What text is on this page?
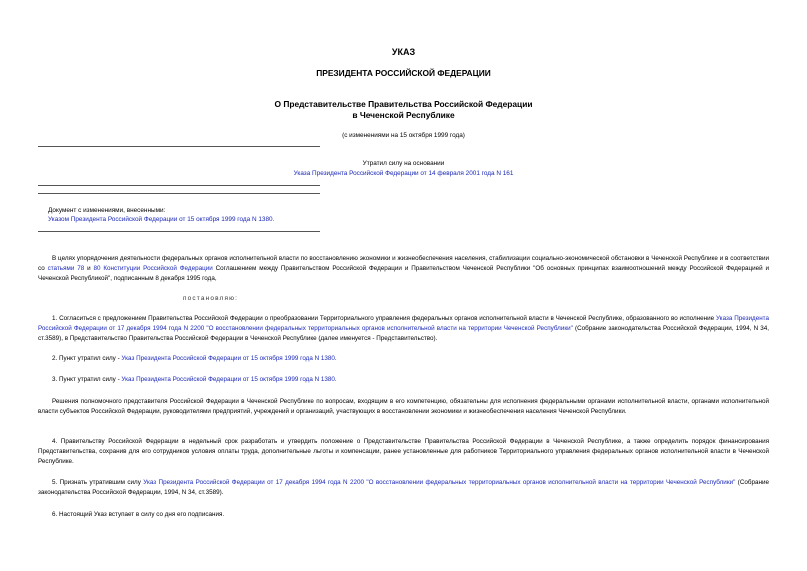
УКАЗ
ПРЕЗИДЕНТА РОССИЙСКОЙ ФЕДЕРАЦИИ
О Представительстве Правительства Российской Федерации
в Чеченской Республике
(с изменениями на 15 октября 1999 года)
Утратил силу на основании
Указа Президента Российской Федерации от 14 февраля 2001 года N 161
Документ с изменениями, внесенными:
Указом Президента Российской Федерации от 15 октября 1999 года N 1380.
В целях упорядочения деятельности федеральных органов исполнительной власти по восстановлению экономики и жизнеобеспечения населения, стабилизации социально-экономической обстановки в Чеченской Республике и в соответствии со статьями 78 и 80 Конституции Российской Федерации Соглашением между Правительством Российской Федерации и Правительством Чеченской Республики "Об основных принципах взаимоотношений между Российской Федерацией и Чеченской Республикой", подписанным 8 декабря 1995 года,
постановляю:
1. Согласиться с предложением Правительства Российской Федерации о преобразовании Территориального управления федеральных органов исполнительной власти в Чеченской Республике, образованного во исполнение Указа Президента Российской Федерации от 17 декабря 1994 года N 2200 "О восстановлении федеральных территориальных органов исполнительной власти на территории Чеченской Республики" (Собрание законодательства Российской Федерации, 1994, N 34, ст.3589), в Представительство Правительства Российской Федерации в Чеченской Республике (далее именуется - Представительство).
2. Пункт утратил силу - Указ Президента Российской Федерации от 15 октября 1999 года N 1380.
3. Пункт утратил силу - Указ Президента Российской Федерации от 15 октября 1999 года N 1380.
Решения полномочного представителя Российской Федерации в Чеченской Республике по вопросам, входящим в его компетенцию, обязательны для исполнения федеральными органами исполнительной власти, органами исполнительной власти субъектов Российской Федерации, руководителями предприятий, учреждений и организаций, участвующих в восстановлении экономики и жизнеобеспечения населения Чеченской Республики.
4. Правительству Российской Федерации в недельный срок разработать и утвердить положение о Представительстве Правительства Российской Федерации в Чеченской Республике, а также определить порядок финансирования Представительства, сохранив для его сотрудников условия оплаты труда, дополнительные льготы и компенсации, ранее установленные для работников Территориального управления федеральных органов исполнительной власти в Чеченской Республике.
5. Признать утратившим силу Указ Президента Российской Федерации от 17 декабря 1994 года N 2200 "О восстановлении федеральных территориальных органов исполнительной власти на территории Чеченской Республики" (Собрание законодательства Российской Федерации, 1994, N 34, ст.3589).
6. Настоящий Указ вступает в силу со дня его подписания.
